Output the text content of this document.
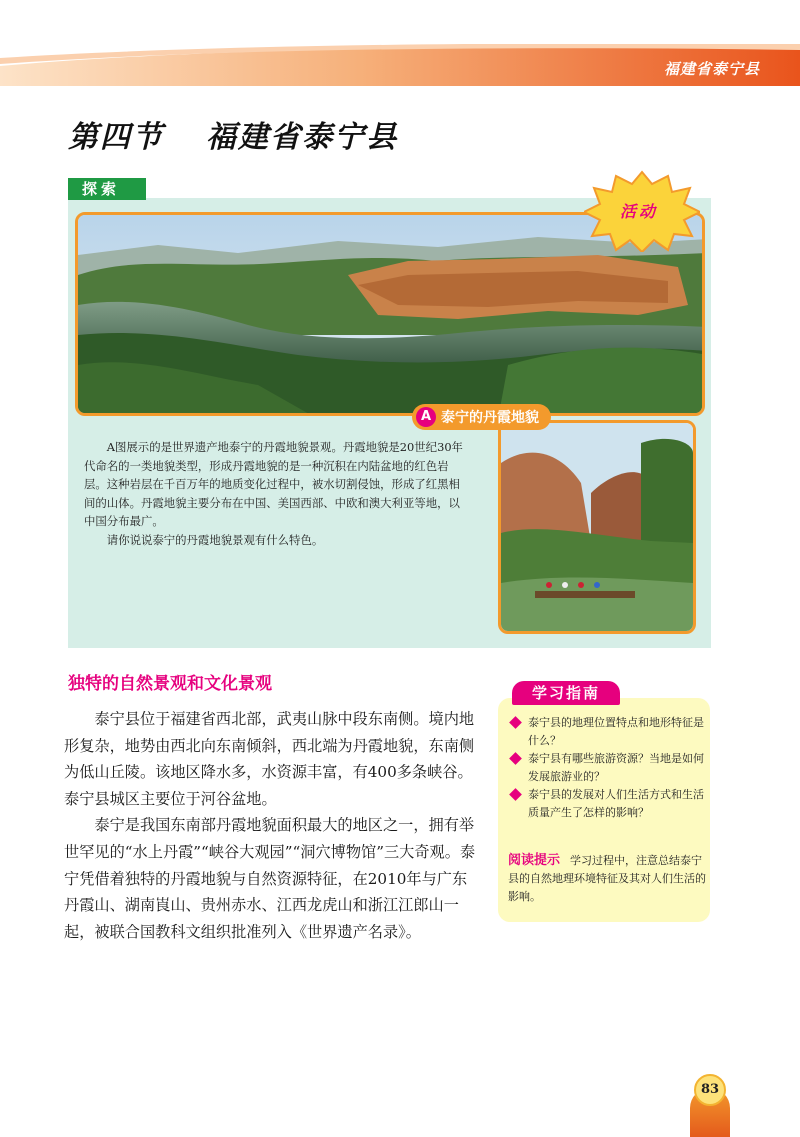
福建省泰宁县
第四节 福建省泰宁县
探索
A 泰宁的丹霞地貌
活动

A图展示的是世界遗产地泰宁的丹霞地貌景观。丹霞地貌是20世纪30年代命名的一类地貌类型，形成丹霞地貌的是一种沉积在内陆盆地的红色岩层。这种岩层在千百万年的地质变化过程中，被水切割侵蚀，形成了红黑相间的山体。丹霞地貌主要分布在中国、美国西部、中欧和澳大利亚等地，以中国分布最广。

请你说说泰宁的丹霞地貌景观有什么特色。

独特的自然景观和文化景观

泰宁县位于福建省西北部，武夷山脉中段东南侧。境内地形复杂，地势由西北向东南倾斜，西北端为丹霞地貌，东南侧为低山丘陵。该地区降水多，水资源丰富，有400多条峡谷。泰宁县城区主要位于河谷盆地。

泰宁是我国东南部丹霞地貌面积最大的地区之一，拥有举世罕见的“水上丹霞”“峡谷大观园”“洞穴博物馆”三大奇观。泰宁凭借着独特的丹霞地貌与自然资源特征，在2010年与广东丹霞山、湖南崀山、贵州赤水、江西龙虎山和浙江江郎山一起，被联合国教科文组织批准列入《世界遗产名录》。

学习指南
泰宁县的地理位置特点和地形特征是什么？
泰宁县有哪些旅游资源？当地是如何发展旅游业的？
泰宁县的发展对人们生活方式和生活质量产生了怎样的影响？
阅读提示 学习过程中，注意总结泰宁县的自然地理环境特征及其对人们生活的影响。
83
